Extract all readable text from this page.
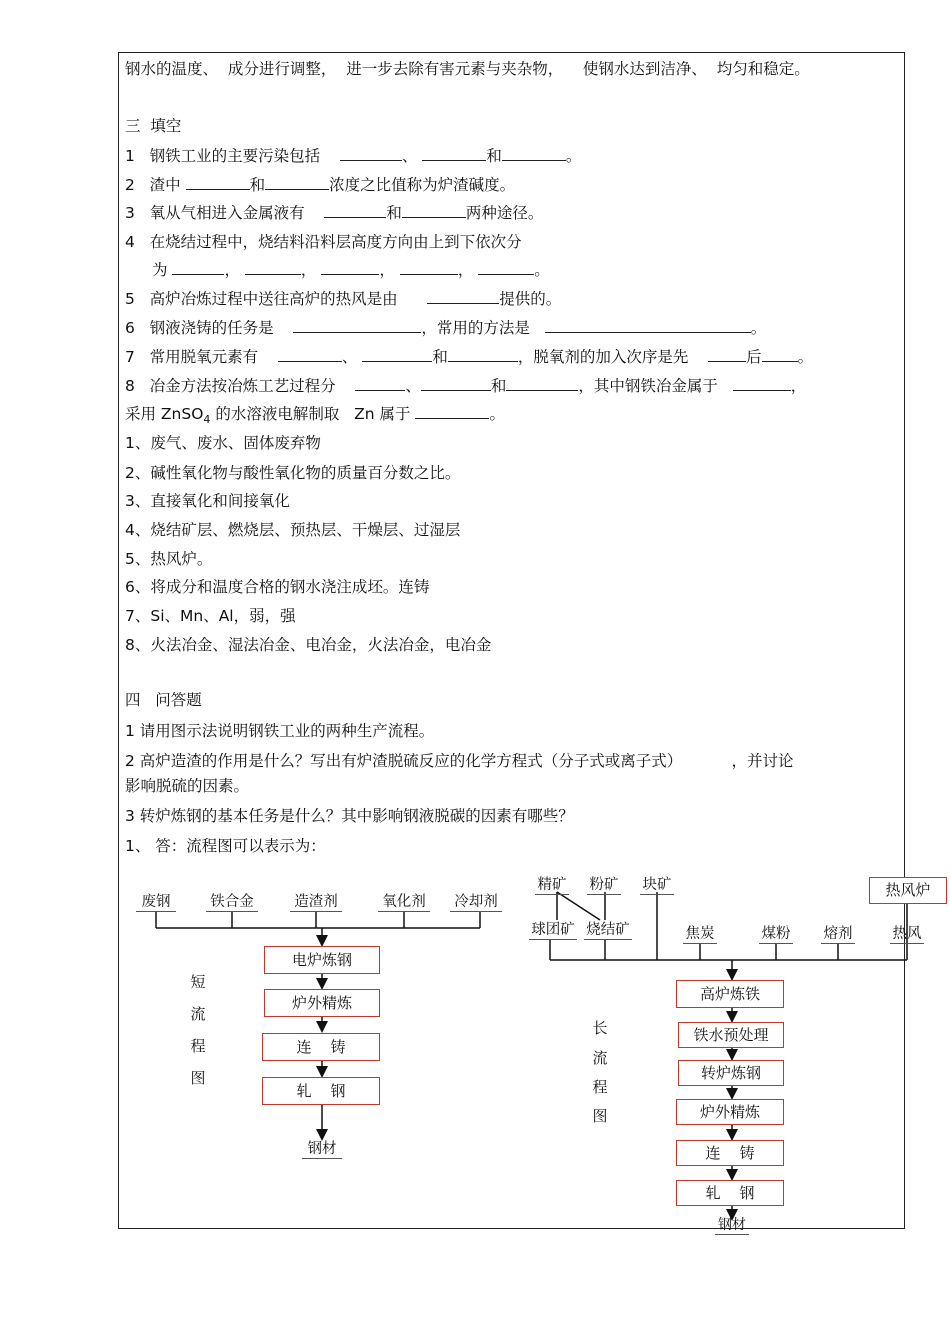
钢水的温度、  成分进行调整，  进一步去除有害元素与夹杂物，    使钢水达到洁净、  均匀和稳定。
三  填空
1 钢铁工业的主要污染包括	、	和	。
2 渣中	和	浓度之比值称为炉渣碱度。
3 氧从气相进入金属液有	和	两种途径。
4 在烧结过程中，烧结料沿料层高度方向由上到下依次分
为	，	，	，	，	。
5 高炉冶炼过程中送往高炉的热风是由	提供的。
6 钢液浇铸的任务是	，常用的方法是	。
7 常用脱氧元素有	、	和	，脱氧剂的加入次序是先	后 。
8 冶金方法按冶炼工艺过程分	、	和	，其中钢铁冶金属于	，
采用 ZnSO$_4$ 的水溶液电解制取   Zn 属于	。
1、废气、废水、固体废弃物
2、碱性氧化物与酸性氧化物的质量百分数之比。
3、直接氧化和间接氧化
4、烧结矿层、燃烧层、预热层、干燥层、过湿层
5、热风炉。
6、将成分和温度合格的钢水浇注成坯。连铸
7、Si、Mn、Al，弱，强
8、火法冶金、湿法冶金、电冶金，火法冶金，电冶金
四   问答题
1 请用图示法说明钢铁工业的两种生产流程。
2 高炉造渣的作用是什么？写出有炉渣脱硫反应的化学方程式（分子式或离子式）          ，并讨论
影响脱硫的因素。
3 转炉炼钢的基本任务是什么？其中影响钢液脱碳的因素有哪些？
1、 答：流程图可以表示为：
废钢	铁合金	造渣剂	氧化剂 冷却剂
电炉炼钢
炉外精炼
连    铸
轧    钢
钢材
短
流
程
图
精矿 粉矿 块矿
球团矿 烧结矿	焦炭	煤粉 熔剂	热风
热风炉
高炉炼铁
铁水预处理
转炉炼钢
炉外精炼
连    铸
轧    钢
钢材
长
流
程
图
